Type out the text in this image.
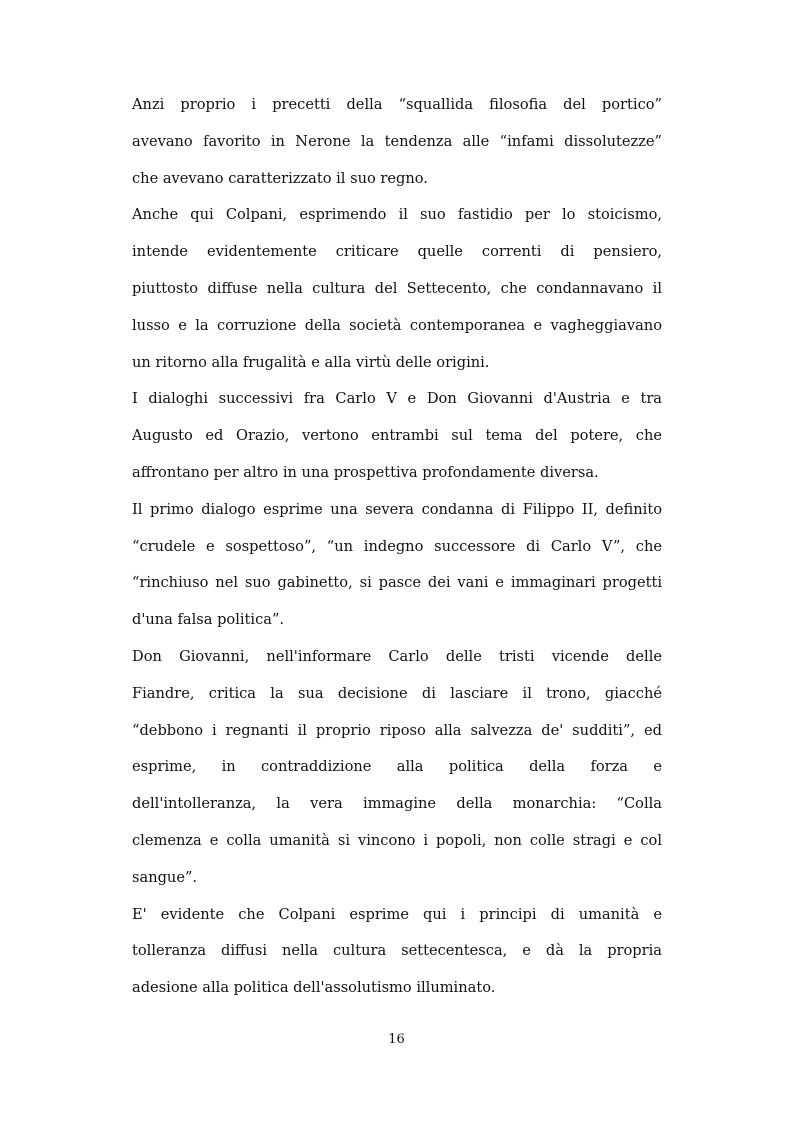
Anzi proprio i precetti della “squallida filosofia del portico”
avevano favorito in Nerone la tendenza alle “infami dissolutezze”
che avevano caratterizzato il suo regno.
Anche qui Colpani, esprimendo il suo fastidio per lo stoicismo,
intende evidentemente criticare quelle correnti di pensiero,
piuttosto diffuse nella cultura del Settecento, che condannavano il
lusso e la corruzione della società contemporanea e vagheggiavano
un ritorno alla frugalità e alla virtù delle origini.
I dialoghi successivi fra Carlo V e Don Giovanni d'Austria e tra
Augusto ed Orazio, vertono entrambi sul tema del potere, che
affrontano per altro in una prospettiva profondamente diversa.
Il primo dialogo esprime una severa condanna di Filippo II, definito
“crudele e sospettoso”, “un indegno successore di Carlo V”, che
“rinchiuso nel suo gabinetto, si pasce dei vani e immaginari progetti
d'una falsa politica”.
Don Giovanni, nell'informare Carlo delle tristi vicende delle
Fiandre, critica la sua decisione di lasciare il trono, giacché
“debbono i regnanti il proprio riposo alla salvezza de' sudditi”, ed
esprime, in contraddizione alla politica della forza e
dell'intolleranza, la vera immagine della monarchia: “Colla
clemenza e colla umanità si vincono i popoli, non colle stragi e col
sangue”.
E' evidente che Colpani esprime qui i principi di umanità e
tolleranza diffusi nella cultura settecentesca, e dà la propria
adesione alla politica dell'assolutismo illuminato.
16
